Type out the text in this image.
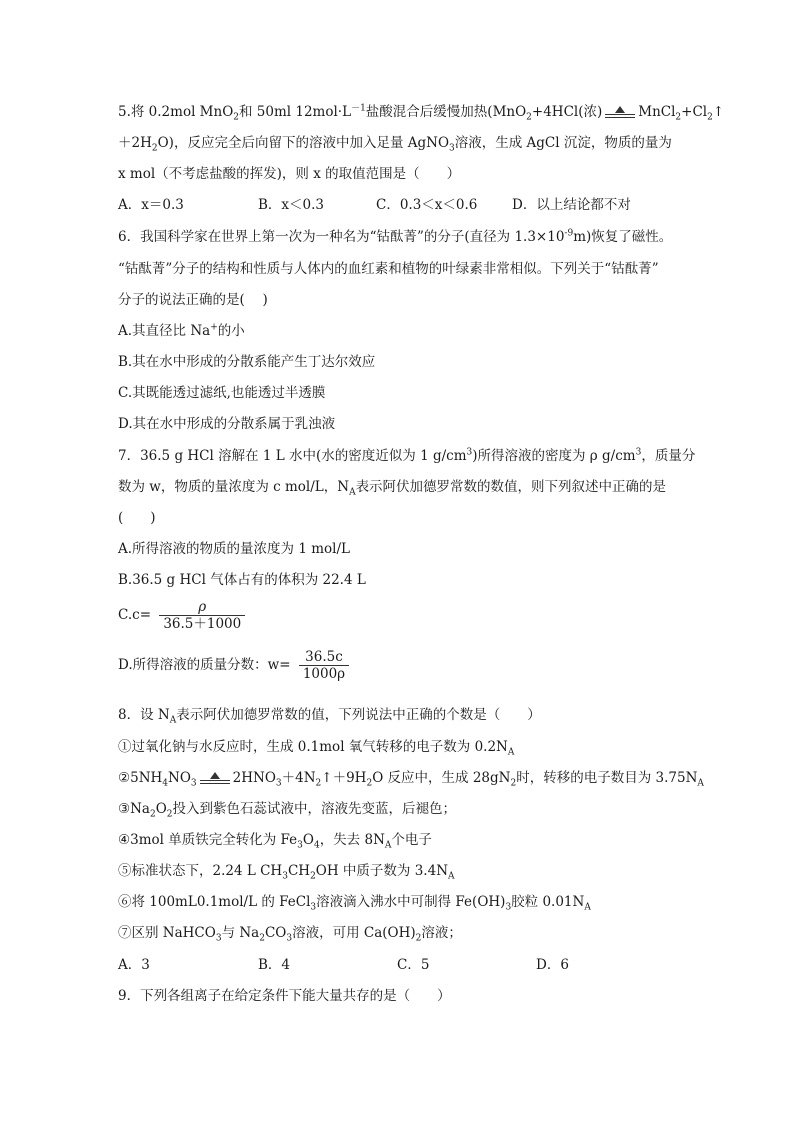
5.将 0.2mol MnO$_2$和 50ml $12mol\cdot L^{-1}$盐酸混合后缓慢加热(MnO$_2$+4HCl(浓)	$MnCl_2+Cl_2↑$
$+2H_2O$)，反应完全后向留下的溶液中加入足量 AgNO$_3$溶液，生成 AgCl 沉淀，物质的量为
x mol（不考虑盐酸的挥发)，则 x 的取值范围是（　　）
A．x＝0.3	B．x＜0.3	C．0.3＜x＜0.6	D．以上结论都不对
6．我国科学家在世界上第一次为一种名为“钴酞菁”的分子(直径为 $1.3\times 10^{-9}m$)恢复了磁性。
“钴酞菁”分子的结构和性质与人体内的血红素和植物的叶绿素非常相似。下列关于“钴酞菁”
分子的说法正确的是(　 )
A.其直径比 Na+的小
B.其在水中形成的分散系能产生丁达尔效应
C.其既能透过滤纸,也能透过半透膜
D.其在水中形成的分散系属于乳浊液
7．36.5 g HCl 溶解在 1 L 水中(水的密度近似为 1 $g/cm^3$)所得溶液的密度为 ρ $g/cm^3$，质量分
数为 w，物质的量浓度为 c mol/L，$N_A$表示阿伏加德罗常数的数值，则下列叙述中正确的是
(　　)
A.所得溶液的物质的量浓度为 1 mol/L
B.36.5 g HCl 气体占有的体积为 22.4 L
$C.c= \frac{\rho}{36.5+1000}$
D.所得溶液的质量分数：$w= \frac{36.5c}{1000\rho}$
8．设 $N_A$表示阿伏加德罗常数的值，下列说法中正确的个数是（　　）
①过氧化钠与水反应时，生成 0.1mol 氧气转移的电子数为 $0.2N_A$
$②5NH_4NO_3$	$2HNO_3+4N_2↑+9H_2O$ 反应中，生成 $28gN_2$时，转移的电子数目为 $3.75N_A$
$③Na_2O_2$投入到紫色石蕊试液中，溶液先变蓝，后褪色；
④3mol 单质铁完全转化为 $Fe_3O_4$，失去 $8N_A$个电子
⑤标准状态下，2.24 L $CH_3CH_2OH$ 中质子数为 $3.4N_A$
⑥将 100mL0.1mol/L 的 FeCl$_3$溶液滴入沸水中可制得 $Fe(OH)_3$胶粒 $0.01N_A$
⑦区别 NaHCO$_3$与 $Na_2CO_3$溶液，可用 $Ca(OH)_2$溶液；
A．3	B．4	C．5	D．6
9．下列各组离子在给定条件下能大量共存的是（　　）
